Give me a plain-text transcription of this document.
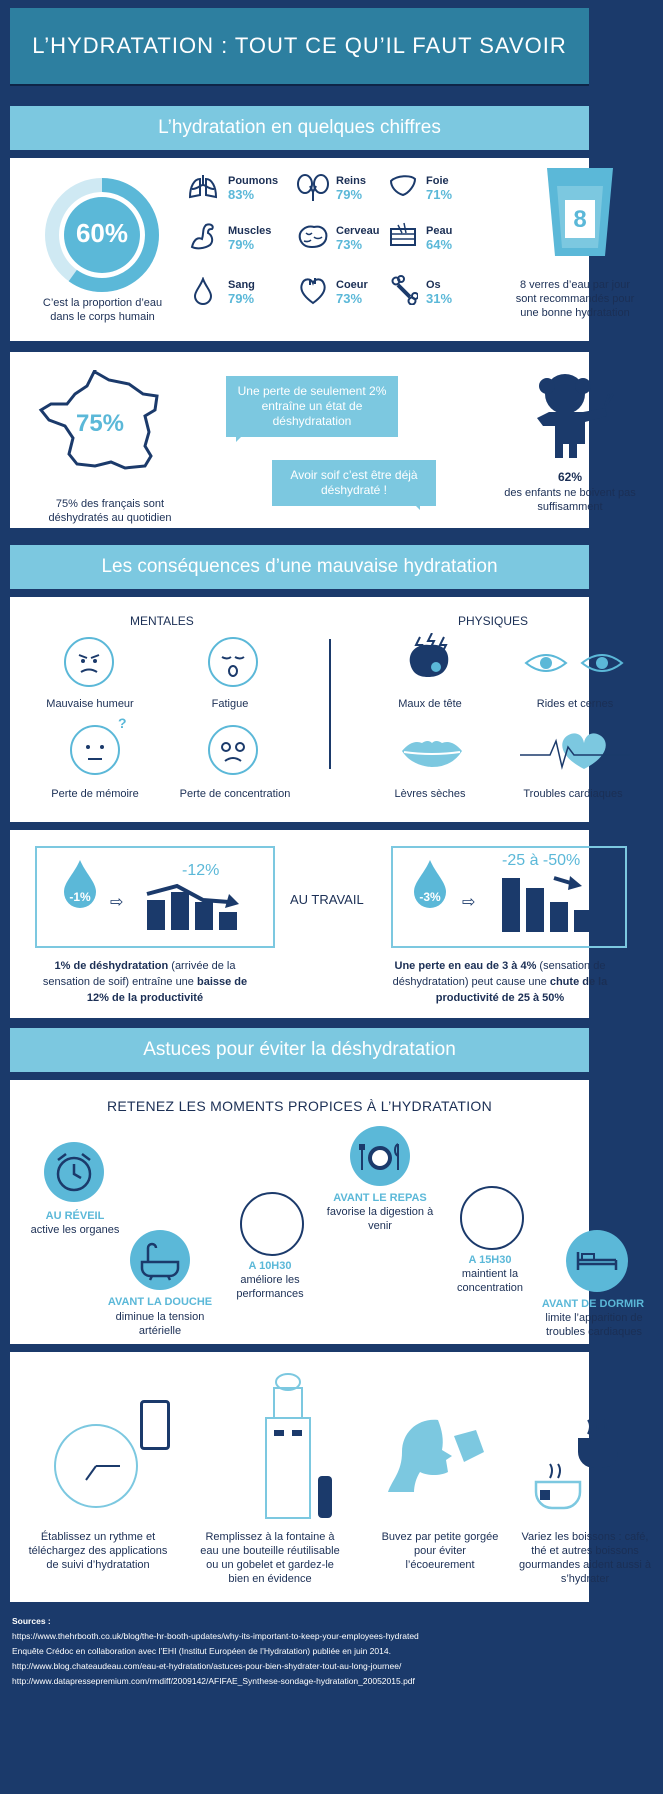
L’HYDRATATION : TOUT CE QU’IL FAUT SAVOIR
L’hydratation en quelques chiffres
60%
C’est la proportion d’eau dans le corps humain
Poumons
83%
Reins
79%
Foie
71%
Muscles
79%
Cerveau
73%
Peau
64%
Sang
79%
Coeur
73%
Os
31%
8
8 verres d’eau par jour sont recommandés pour une bonne hydratation
75%
75% des français sont déshydratés au quotidien
Une perte de seulement 2% entraîne un état de déshydratation
Avoir soif c’est être déjà déshydraté !
62%
des enfants ne boivent pas suffisamment
Les conséquences d’une mauvaise hydratation
MENTALES	PHYSIQUES
Mauvaise humeur	Fatigue
?
Perte de mémoire	Perte de concentration
Maux de tête	Rides et cernes
Lèvres sèches	Troubles cardiaques
-1%	⇨
-12%
AU TRAVAIL	-3%	⇨
-25 à -50%
1% de déshydratation (arrivée de la sensation de soif) entraîne une baisse de 12% de la productivité
Une perte en eau de 3 à 4% (sensation de déshydratation) peut cause une chute de la productivité de 25 à 50%
Astuces pour éviter la déshydratation
RETENEZ LES MOMENTS PROPICES À L’HYDRATATION
AU RÉVEIL
active les organes
AVANT LA DOUCHE
diminue la tension artérielle
A 10H30
améliore les performances
AVANT LE REPAS
favorise la digestion à venir
A 15H30
maintient la concentration
AVANT DE DORMIR
limite l’apparition de troubles cardiaques
Établissez un rythme et téléchargez des applications de suivi d’hydratation
Remplissez à la fontaine à eau une bouteille réutilisable ou un gobelet et gardez-le bien en évidence
Buvez par petite gorgée pour éviter l’écoeurement
Variez les boissons : café, thé et autres boissons gourmandes aident aussi à s’hydrater
Sources :
https://www.thehrbooth.co.uk/blog/the-hr-booth-updates/why-its-important-to-keep-your-employees-hydrated
Enquête Crédoc en collaboration avec l’EHI (Institut Européen de l’Hydratation) publiée en juin 2014.
http://www.blog.chateaudeau.com/eau-et-hydratation/astuces-pour-bien-shydrater-tout-au-long-journee/
http://www.datapressepremium.com/rmdiff/2009142/AFIFAE_Synthese-sondage-hydratation_20052015.pdf
